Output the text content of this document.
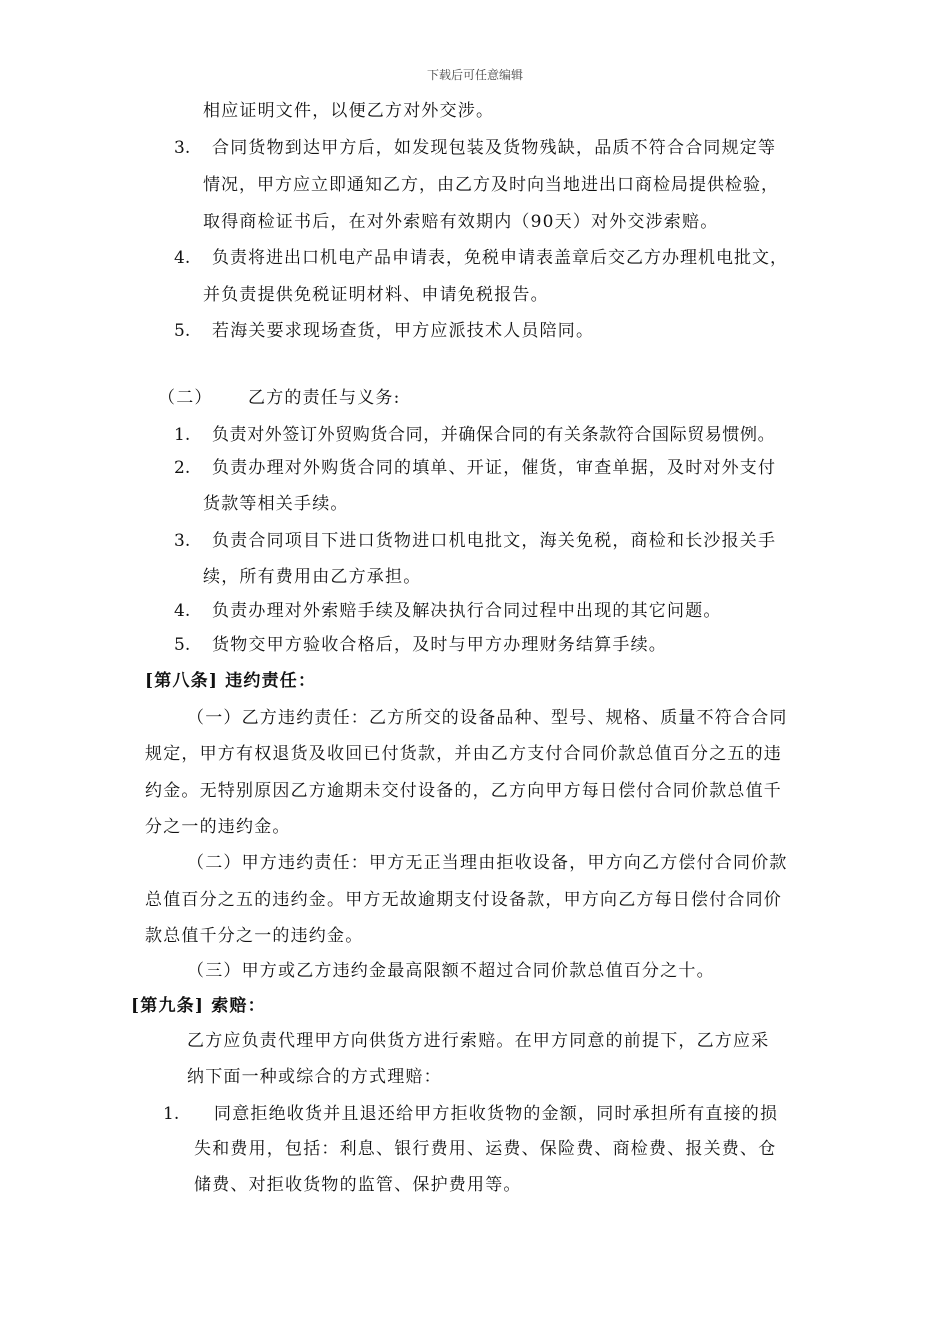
下载后可任意编辑
相应证明文件，以便乙方对外交涉。
3. 合同货物到达甲方后，如发现包装及货物残缺，品质不符合合同规定等
情况，甲方应立即通知乙方，由乙方及时向当地进出口商检局提供检验，
取得商检证书后，在对外索赔有效期内（90天）对外交涉索赔。
4. 负责将进出口机电产品申请表，免税申请表盖章后交乙方办理机电批文，
并负责提供免税证明材料、申请免税报告。
5. 若海关要求现场查货，甲方应派技术人员陪同。
（二） 乙方的责任与义务:
1. 负责对外签订外贸购货合同，并确保合同的有关条款符合国际贸易惯例。
2. 负责办理对外购货合同的填单、开证，催货，审查单据，及时对外支付
货款等相关手续。
3. 负责合同项目下进口货物进口机电批文，海关免税，商检和长沙报关手
续，所有费用由乙方承担。
4. 负责办理对外索赔手续及解决执行合同过程中出现的其它问题。
5. 货物交甲方验收合格后，及时与甲方办理财务结算手续。
[第八条] 违约责任：
（一）乙方违约责任：乙方所交的设备品种、型号、规格、质量不符合合同
规定，甲方有权退货及收回已付货款，并由乙方支付合同价款总值百分之五的违
约金。无特别原因乙方逾期未交付设备的，乙方向甲方每日偿付合同价款总值千
分之一的违约金。
（二）甲方违约责任：甲方无正当理由拒收设备，甲方向乙方偿付合同价款
总值百分之五的违约金。甲方无故逾期支付设备款，甲方向乙方每日偿付合同价
款总值千分之一的违约金。
（三）甲方或乙方违约金最高限额不超过合同价款总值百分之十。
[第九条] 索赔：
乙方应负责代理甲方向供货方进行索赔。在甲方同意的前提下，乙方应采
纳下面一种或综合的方式理赔：
1. 同意拒绝收货并且退还给甲方拒收货物的金额，同时承担所有直接的损
失和费用，包括：利息、银行费用、运费、保险费、商检费、报关费、仓
储费、对拒收货物的监管、保护费用等。
